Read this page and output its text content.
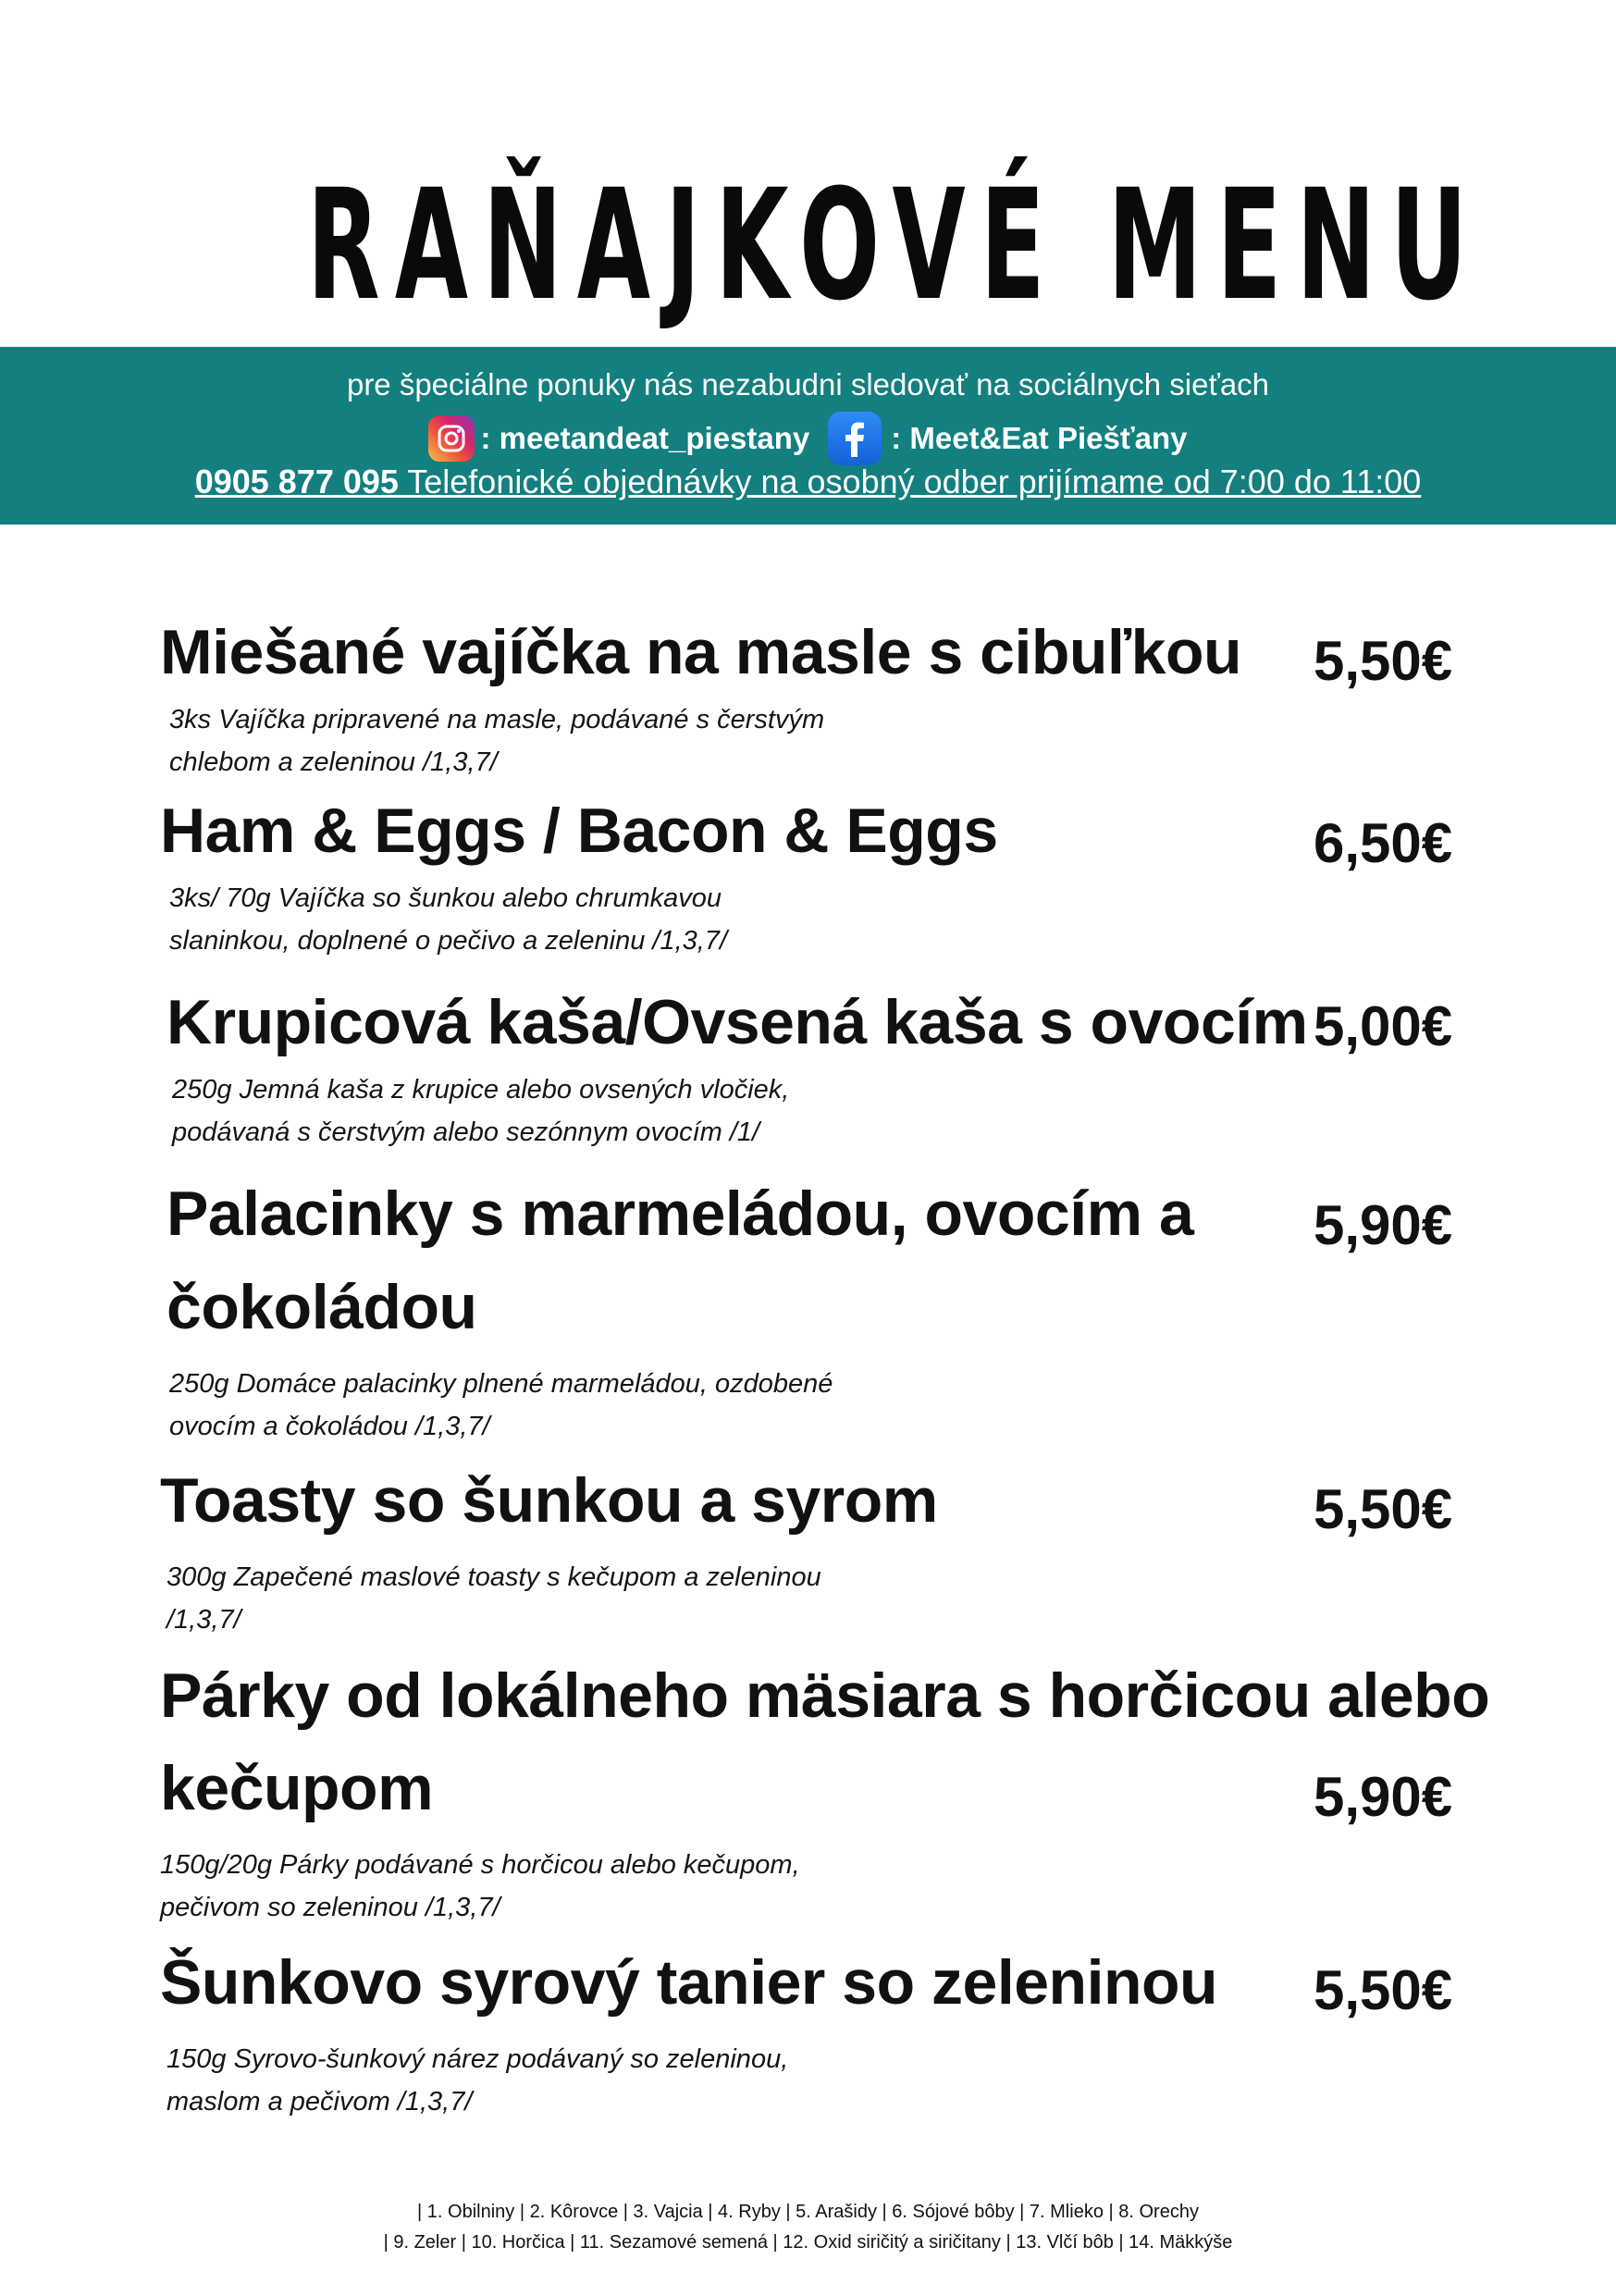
RAŇAJKOVÉ MENU
pre špeciálne ponuky nás nezabudni sledovať na sociálnych sieťach
: meetandeat_piestany	: Meet&Eat Piešťany
0905 877 095 Telefonické objednávky na osobný odber prijímame od 7:00 do 11:00
Miešané vajíčka na masle s cibuľkou 5,50€
3ks Vajíčka pripravené na masle, podávané s čerstvým
chlebom a zeleninou /1,3,7/
Ham & Eggs / Bacon & Eggs	6,50€
3ks/ 70g Vajíčka so šunkou alebo chrumkavou
slaninkou, doplnené o pečivo a zeleninu /1,3,7/
Krupicová kaša/Ovsená kaša s ovocím 5,00€
250g Jemná kaša z krupice alebo ovsených vločiek,
podávaná s čerstvým alebo sezónnym ovocím /1/
Palacinky s marmeládou, ovocím a
čokoládou
5,90€
250g Domáce palacinky plnené marmeládou, ozdobené
ovocím a čokoládou /1,3,7/
Toasty so šunkou a syrom	5,50€
300g Zapečené maslové toasty s kečupom a zeleninou
/1,3,7/
Párky od lokálneho mäsiara s horčicou alebo
kečupom	5,90€
150g/20g Párky podávané s horčicou alebo kečupom,
pečivom so zeleninou /1,3,7/
Šunkovo syrový tanier so zeleninou 5,50€
150g Syrovo-šunkový nárez podávaný so zeleninou,
maslom a pečivom /1,3,7/
| 1. Obilniny | 2. Kôrovce | 3. Vajcia | 4. Ryby | 5. Arašidy | 6. Sójové bôby | 7. Mlieko | 8. Orechy
| 9. Zeler | 10. Horčica | 11. Sezamové semená | 12. Oxid siričitý a siričitany | 13. Vlčí bôb | 14. Mäkkýše
